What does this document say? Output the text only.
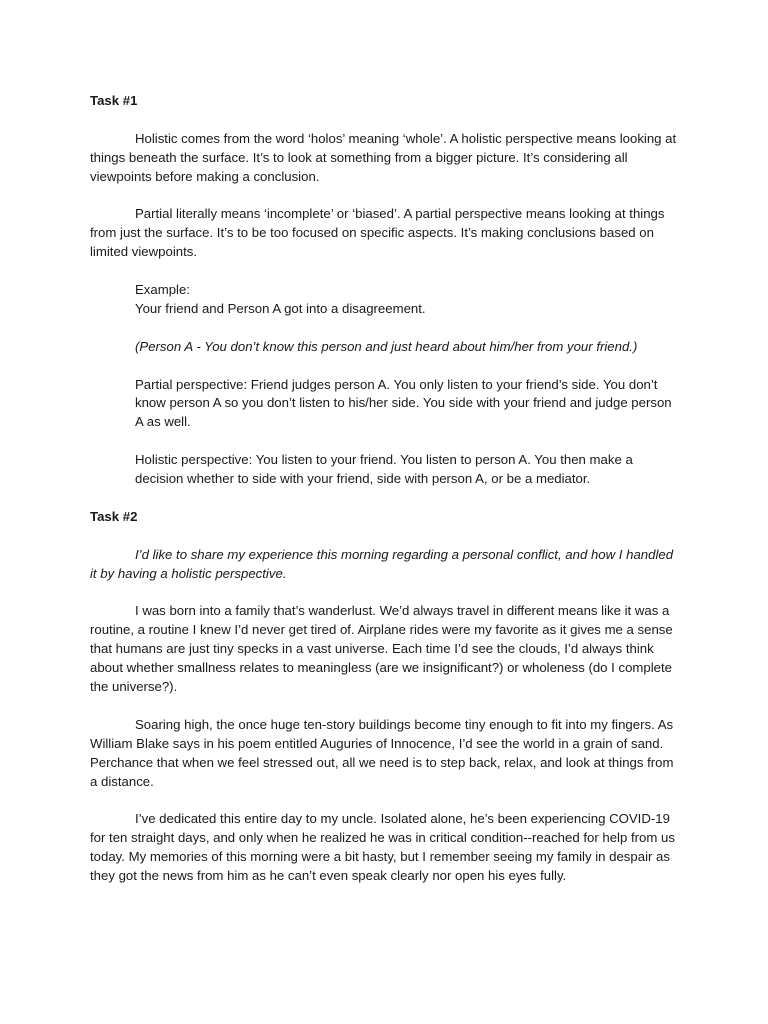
Task #1

Holistic comes from the word ‘holos’ meaning ‘whole’. A holistic perspective means looking at things beneath the surface. It’s to look at something from a bigger picture. It’s considering all viewpoints before making a conclusion.

Partial literally means ‘incomplete’ or ‘biased’. A partial perspective means looking at things from just the surface. It’s to be too focused on specific aspects. It’s making conclusions based on limited viewpoints.

Example:

Your friend and Person A got into a disagreement.

(Person A - You don’t know this person and just heard about him/her from your friend.)

Partial perspective: Friend judges person A. You only listen to your friend’s side. You don’t know person A so you don’t listen to his/her side. You side with your friend and judge person A as well.

Holistic perspective: You listen to your friend. You listen to person A. You then make a decision whether to side with your friend, side with person A, or be a mediator.

Task #2

I’d like to share my experience this morning regarding a personal conflict, and how I handled it by having a holistic perspective.

I was born into a family that’s wanderlust. We’d always travel in different means like it was a routine, a routine I knew I’d never get tired of. Airplane rides were my favorite as it gives me a sense that humans are just tiny specks in a vast universe. Each time I’d see the clouds, I’d always think about whether smallness relates to meaningless (are we insignificant?) or wholeness (do I complete the universe?).

Soaring high, the once huge ten-story buildings become tiny enough to fit into my fingers. As William Blake says in his poem entitled Auguries of Innocence, I’d see the world in a grain of sand. Perchance that when we feel stressed out, all we need is to step back, relax, and look at things from a distance.

I’ve dedicated this entire day to my uncle. Isolated alone, he’s been experiencing COVID-19 for ten straight days, and only when he realized he was in critical condition--reached for help from us today. My memories of this morning were a bit hasty, but I remember seeing my family in despair as they got the news from him as he can’t even speak clearly nor open his eyes fully.
